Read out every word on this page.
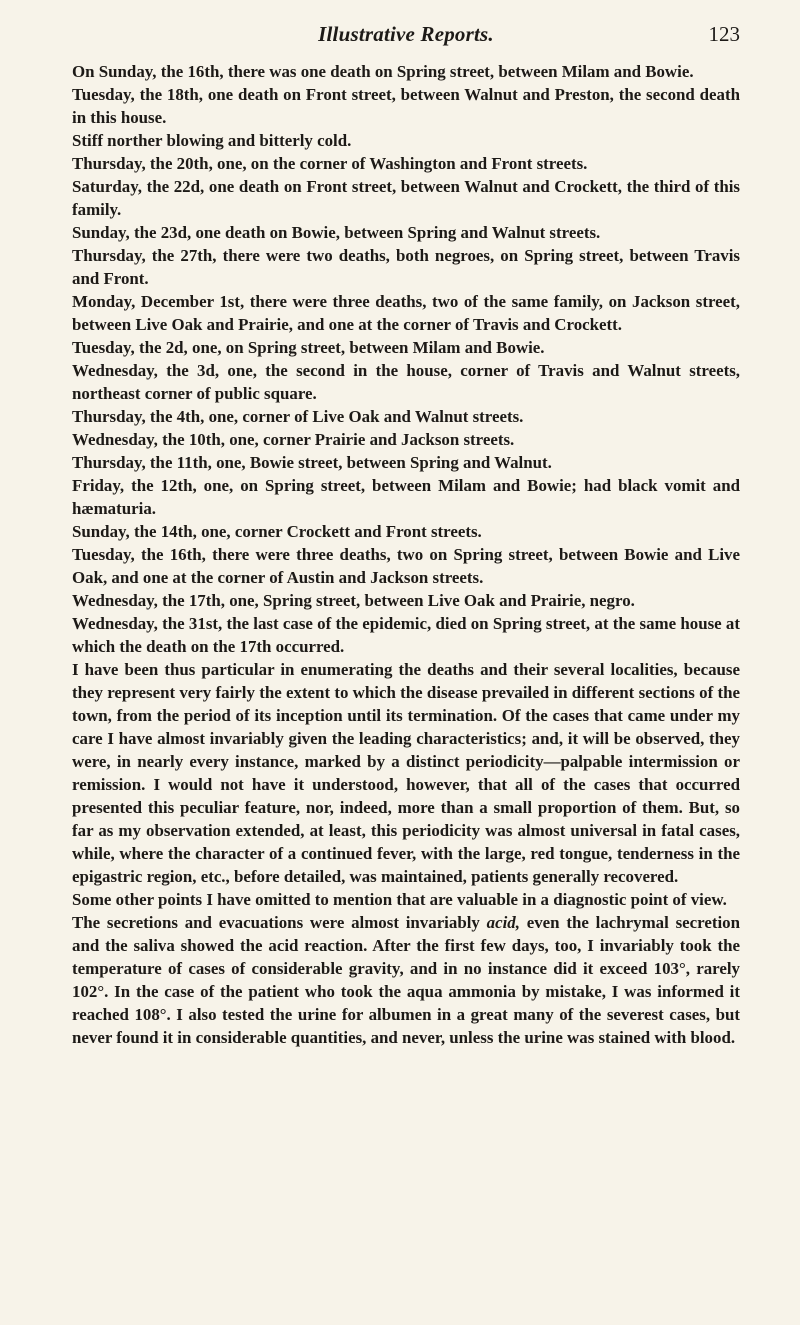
Illustrative Reports.	123

On Sunday, the 16th, there was one death on Spring street, between Milam and Bowie.

Tuesday, the 18th, one death on Front street, between Walnut and Preston, the second death in this house.

Stiff norther blowing and bitterly cold.

Thursday, the 20th, one, on the corner of Washington and Front streets.

Saturday, the 22d, one death on Front street, between Walnut and Crockett, the third of this family.

Sunday, the 23d, one death on Bowie, between Spring and Walnut streets.

Thursday, the 27th, there were two deaths, both negroes, on Spring street, between Travis and Front.

Monday, December 1st, there were three deaths, two of the same family, on Jackson street, between Live Oak and Prairie, and one at the corner of Travis and Crockett.

Tuesday, the 2d, one, on Spring street, between Milam and Bowie.

Wednesday, the 3d, one, the second in the house, corner of Travis and Walnut streets, northeast corner of public square.

Thursday, the 4th, one, corner of Live Oak and Walnut streets.

Wednesday, the 10th, one, corner Prairie and Jackson streets.

Thursday, the 11th, one, Bowie street, between Spring and Walnut.

Friday, the 12th, one, on Spring street, between Milam and Bowie; had black vomit and hæmaturia.

Sunday, the 14th, one, corner Crockett and Front streets.

Tuesday, the 16th, there were three deaths, two on Spring street, between Bowie and Live Oak, and one at the corner of Austin and Jackson streets.

Wednesday, the 17th, one, Spring street, between Live Oak and Prairie, negro.

Wednesday, the 31st, the last case of the epidemic, died on Spring street, at the same house at which the death on the 17th occurred.

I have been thus particular in enumerating the deaths and their several localities, because they represent very fairly the extent to which the disease prevailed in different sections of the town, from the period of its inception until its termination. Of the cases that came under my care I have almost invariably given the leading characteristics; and, it will be observed, they were, in nearly every instance, marked by a distinct periodicity—palpable intermission or remission. I would not have it understood, however, that all of the cases that occurred presented this peculiar feature, nor, indeed, more than a small proportion of them. But, so far as my observation extended, at least, this periodicity was almost universal in fatal cases, while, where the character of a continued fever, with the large, red tongue, tenderness in the epigastric region, etc., before detailed, was maintained, patients generally recovered.

Some other points I have omitted to mention that are valuable in a diagnostic point of view.

The secretions and evacuations were almost invariably acid, even the lachrymal secretion and the saliva showed the acid reaction. After the first few days, too, I invariably took the temperature of cases of considerable gravity, and in no instance did it exceed 103°, rarely 102°. In the case of the patient who took the aqua ammonia by mistake, I was informed it reached 108°. I also tested the urine for albumen in a great many of the severest cases, but never found it in considerable quantities, and never, unless the urine was stained with blood.
